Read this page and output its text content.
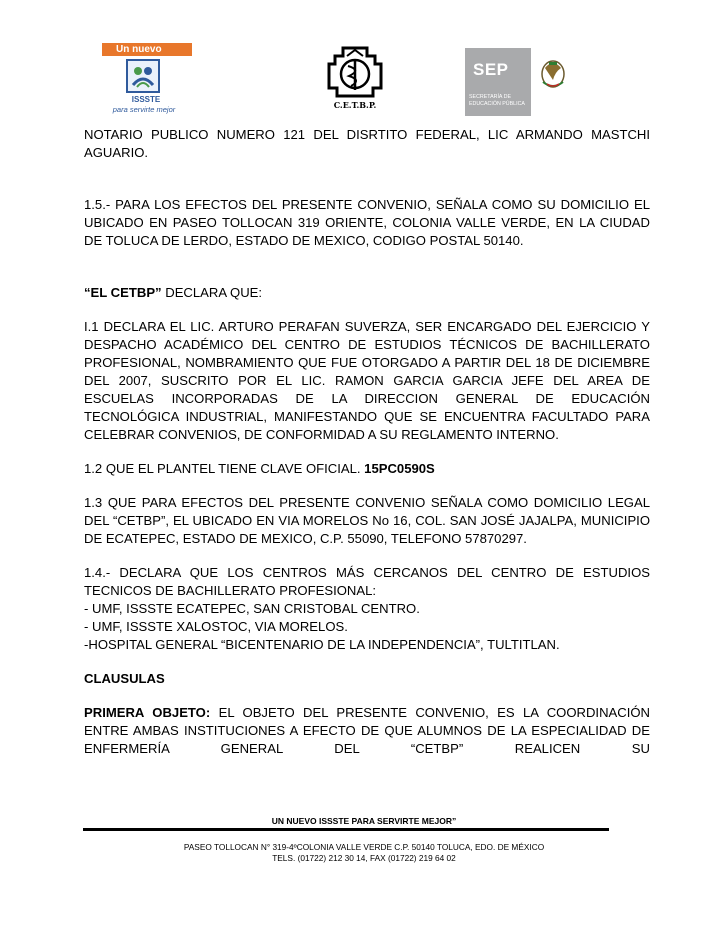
Un nuevo
ISSSTE
para servirte mejor	C.E.T.B.P.
SEP
SECRETARÍA DE
EDUCACIÓN PÚBLICA

NOTARIO PUBLICO NUMERO 121 DEL DISRTITO FEDERAL, LIC ARMANDO MASTCHI AGUARIO.

1.5.- PARA LOS EFECTOS DEL PRESENTE CONVENIO, SEÑALA COMO SU DOMICILIO EL UBICADO EN PASEO TOLLOCAN 319 ORIENTE, COLONIA VALLE VERDE, EN LA CIUDAD DE TOLUCA DE LERDO, ESTADO DE MEXICO, CODIGO POSTAL 50140.

“EL CETBP” DECLARA QUE:

I.1 DECLARA EL LIC. ARTURO PERAFAN SUVERZA, SER ENCARGADO DEL EJERCICIO Y DESPACHO ACADÉMICO DEL CENTRO DE ESTUDIOS TÉCNICOS DE BACHILLERATO PROFESIONAL, NOMBRAMIENTO QUE FUE OTORGADO A PARTIR DEL 18 DE DICIEMBRE DEL 2007, SUSCRITO POR EL LIC. RAMON GARCIA GARCIA JEFE DEL AREA DE ESCUELAS INCORPORADAS DE LA DIRECCION GENERAL DE EDUCACIÓN TECNOLÓGICA INDUSTRIAL, MANIFESTANDO QUE SE ENCUENTRA FACULTADO PARA CELEBRAR CONVENIOS, DE CONFORMIDAD A SU REGLAMENTO INTERNO.

1.2 QUE EL PLANTEL TIENE CLAVE OFICIAL. 15PC0590S

1.3 QUE PARA EFECTOS DEL PRESENTE CONVENIO SEÑALA COMO DOMICILIO LEGAL DEL “CETBP”, EL UBICADO EN VIA MORELOS No 16, COL. SAN JOSÉ JAJALPA, MUNICIPIO DE ECATEPEC, ESTADO DE MEXICO, C.P. 55090, TELEFONO 57870297.

1.4.- DECLARA QUE LOS CENTROS MÁS CERCANOS DEL CENTRO DE ESTUDIOS TECNICOS DE BACHILLERATO PROFESIONAL:
- UMF, ISSSTE ECATEPEC, SAN CRISTOBAL CENTRO.
- UMF, ISSSTE XALOSTOC, VIA MORELOS.
-HOSPITAL GENERAL “BICENTENARIO DE LA INDEPENDENCIA”, TULTITLAN.

CLAUSULAS

PRIMERA OBJETO: EL OBJETO DEL PRESENTE CONVENIO, ES LA COORDINACIÓN ENTRE AMBAS INSTITUCIONES A EFECTO DE QUE ALUMNOS DE LA ESPECIALIDAD DE ENFERMERÍA GENERAL DEL “CETBP” REALICEN SU

UN NUEVO ISSSTE PARA SERVIRTE MEJOR”
PASEO TOLLOCAN N° 319-4ºCOLONIA VALLE VERDE C.P. 50140 TOLUCA, EDO. DE MÉXICO
TELS. (01722) 212 30 14, FAX (01722) 219 64 02
